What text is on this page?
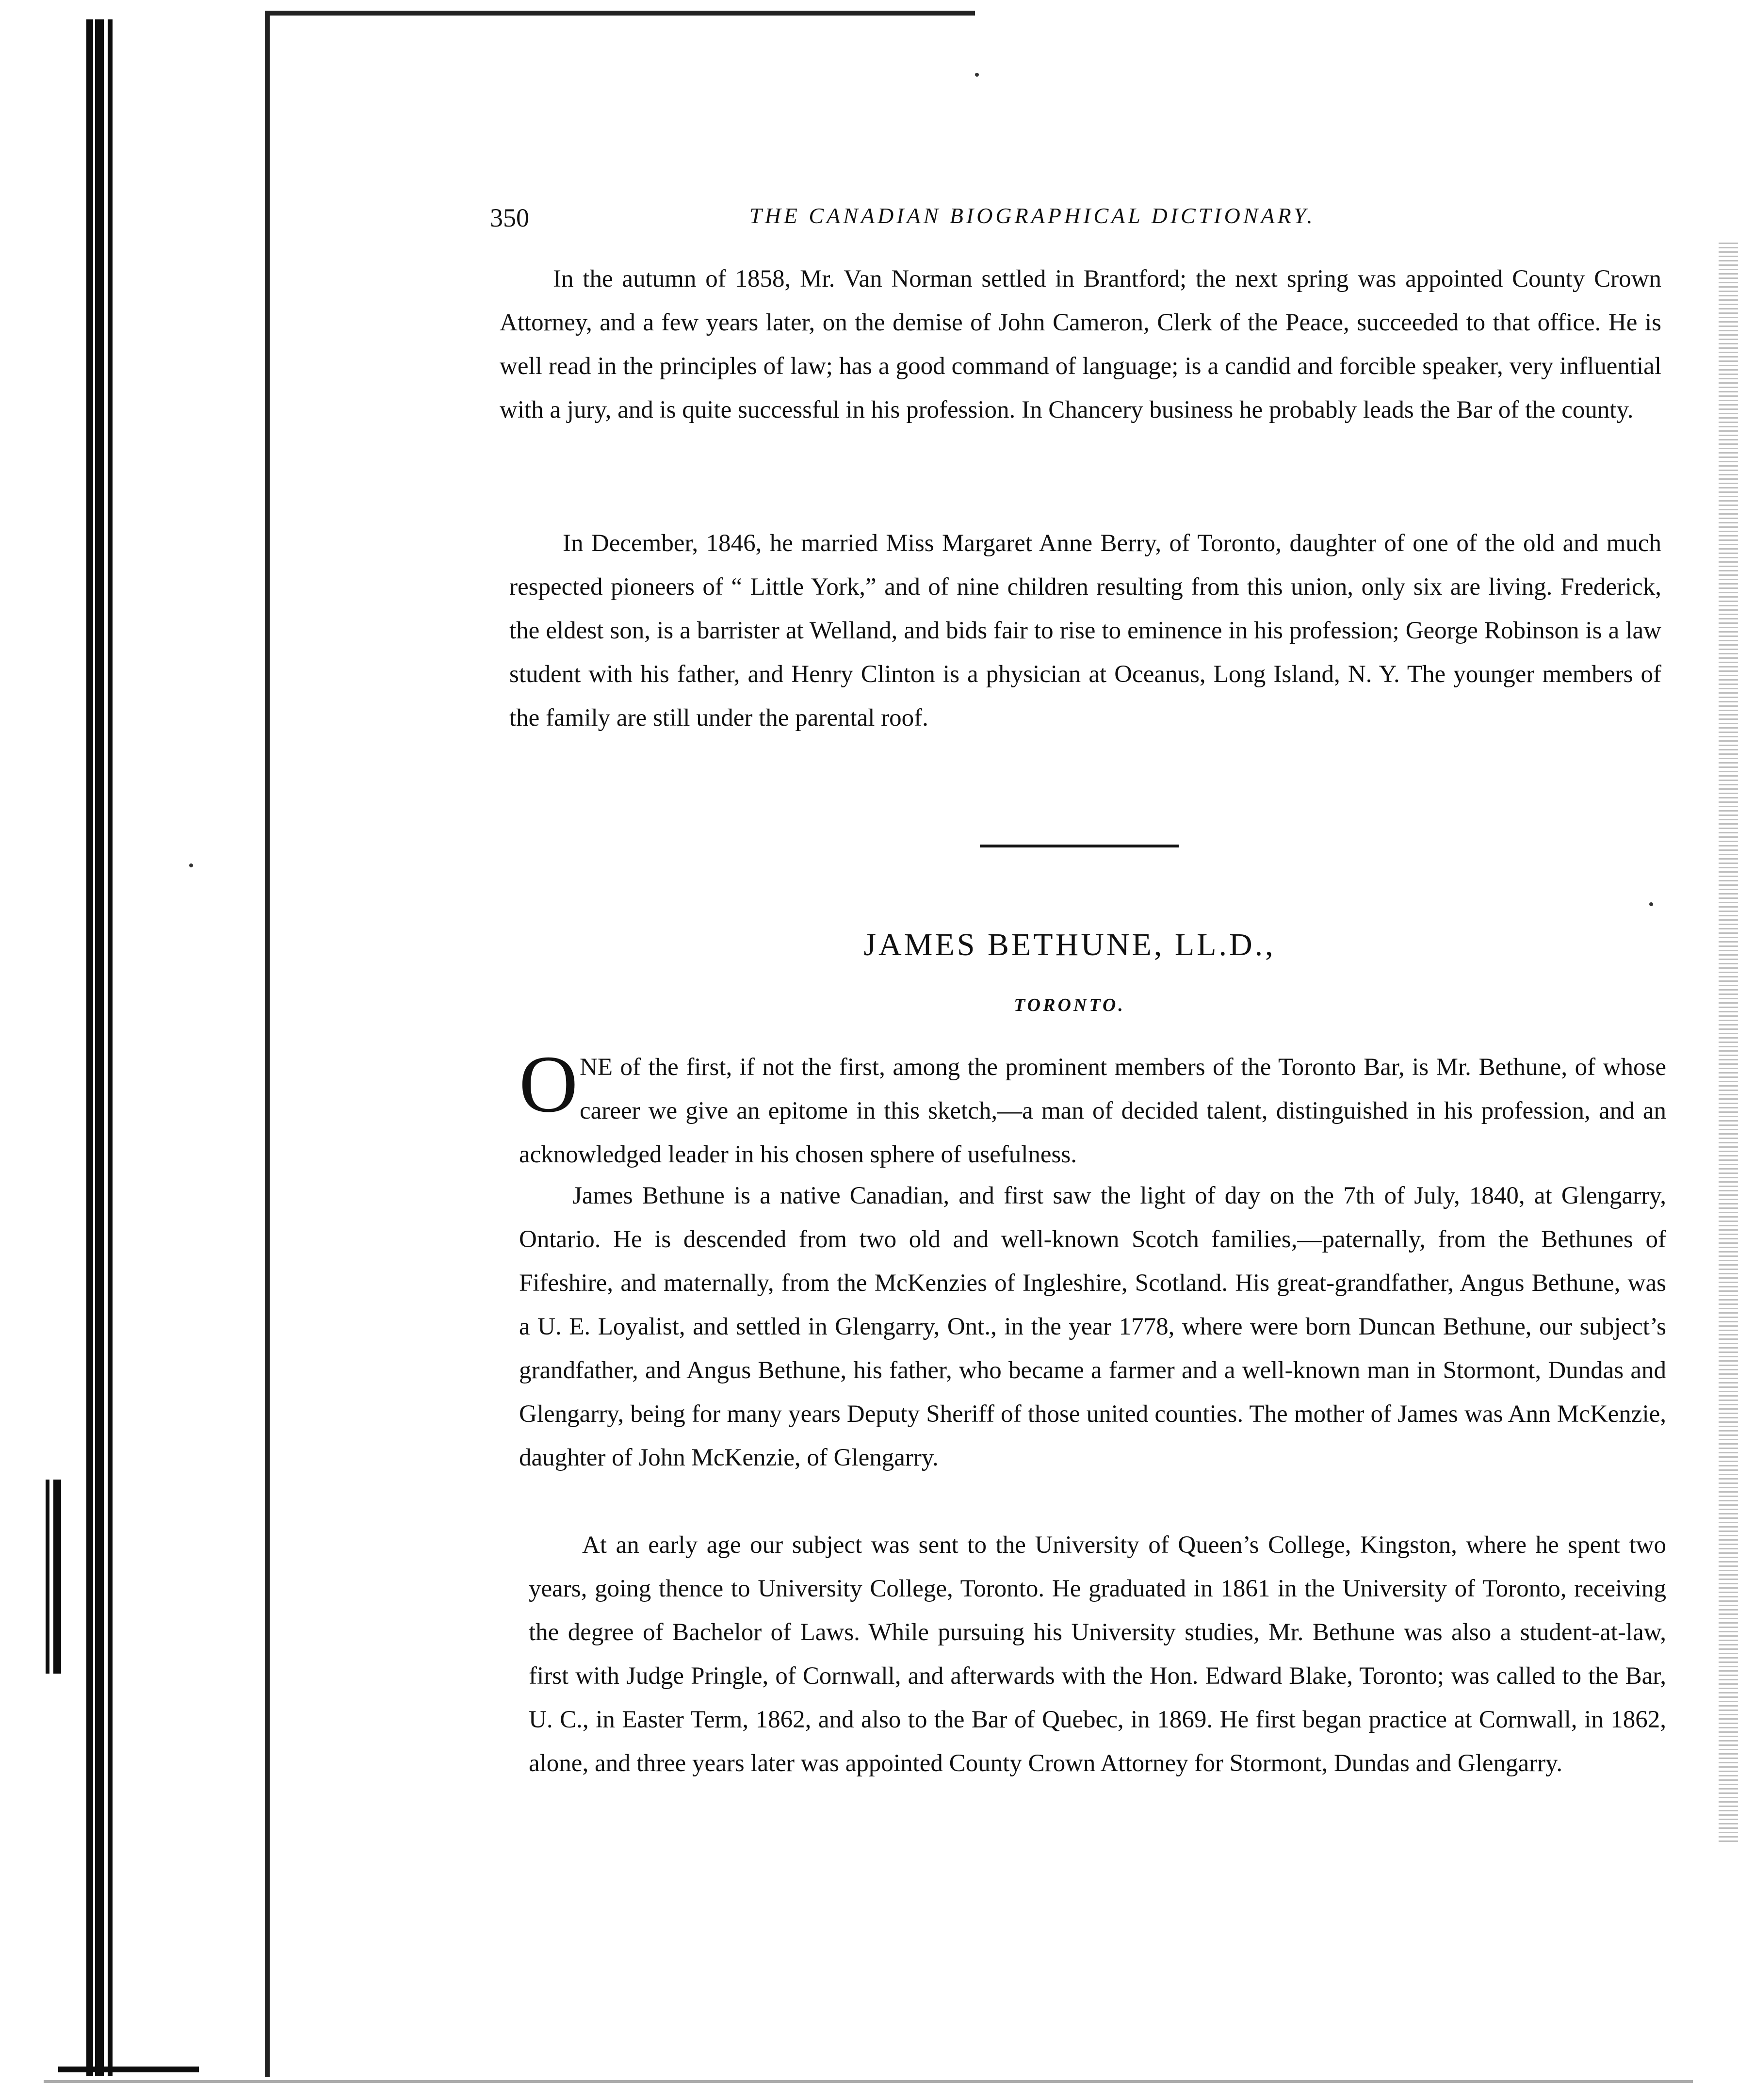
350	THE CANADIAN BIOGRAPHICAL DICTIONARY.

In the autumn of 1858, Mr. Van Norman settled in Brantford; the next spring was appointed County Crown Attorney, and a few years later, on the demise of John Cameron, Clerk of the Peace, succeeded to that office. He is well read in the principles of law; has a good command of language; is a candid and forcible speaker, very influential with a jury, and is quite successful in his profession. In Chancery business he probably leads the Bar of the county.

In December, 1846, he married Miss Margaret Anne Berry, of Toronto, daughter of one of the old and much respected pioneers of “ Little York,” and of nine children resulting from this union, only six are living. Frederick, the eldest son, is a barrister at Welland, and bids fair to rise to eminence in his profession; George Robinson is a law student with his father, and Henry Clinton is a physician at Oceanus, Long Island, N. Y. The younger members of the family are still under the parental roof.

JAMES BETHUNE, LL.D.,
TORONTO.
O NE of the first, if not the first, among the prominent members of the Toronto Bar, is Mr. Bethune, of whose career we give an epitome in this sketch,—a man of decided talent, distinguished in his profession, and an acknowledged leader in his chosen sphere of usefulness.

James Bethune is a native Canadian, and first saw the light of day on the 7th of July, 1840, at Glengarry, Ontario. He is descended from two old and well-known Scotch families,—paternally, from the Bethunes of Fifeshire, and maternally, from the McKenzies of Ingleshire, Scotland. His great-grandfather, Angus Bethune, was a U. E. Loyalist, and settled in Glengarry, Ont., in the year 1778, where were born Duncan Bethune, our subject’s grandfather, and Angus Bethune, his father, who became a farmer and a well-known man in Stormont, Dundas and Glengarry, being for many years Deputy Sheriff of those united counties. The mother of James was Ann McKenzie, daughter of John McKenzie, of Glengarry.

At an early age our subject was sent to the University of Queen’s College, Kingston, where he spent two years, going thence to University College, Toronto. He graduated in 1861 in the University of Toronto, receiving the degree of Bachelor of Laws. While pursuing his University studies, Mr. Bethune was also a student-at-law, first with Judge Pringle, of Cornwall, and afterwards with the Hon. Edward Blake, Toronto; was called to the Bar, U. C., in Easter Term, 1862, and also to the Bar of Quebec, in 1869. He first began practice at Cornwall, in 1862, alone, and three years later was appointed County Crown Attorney for Stormont, Dundas and Glengarry.
